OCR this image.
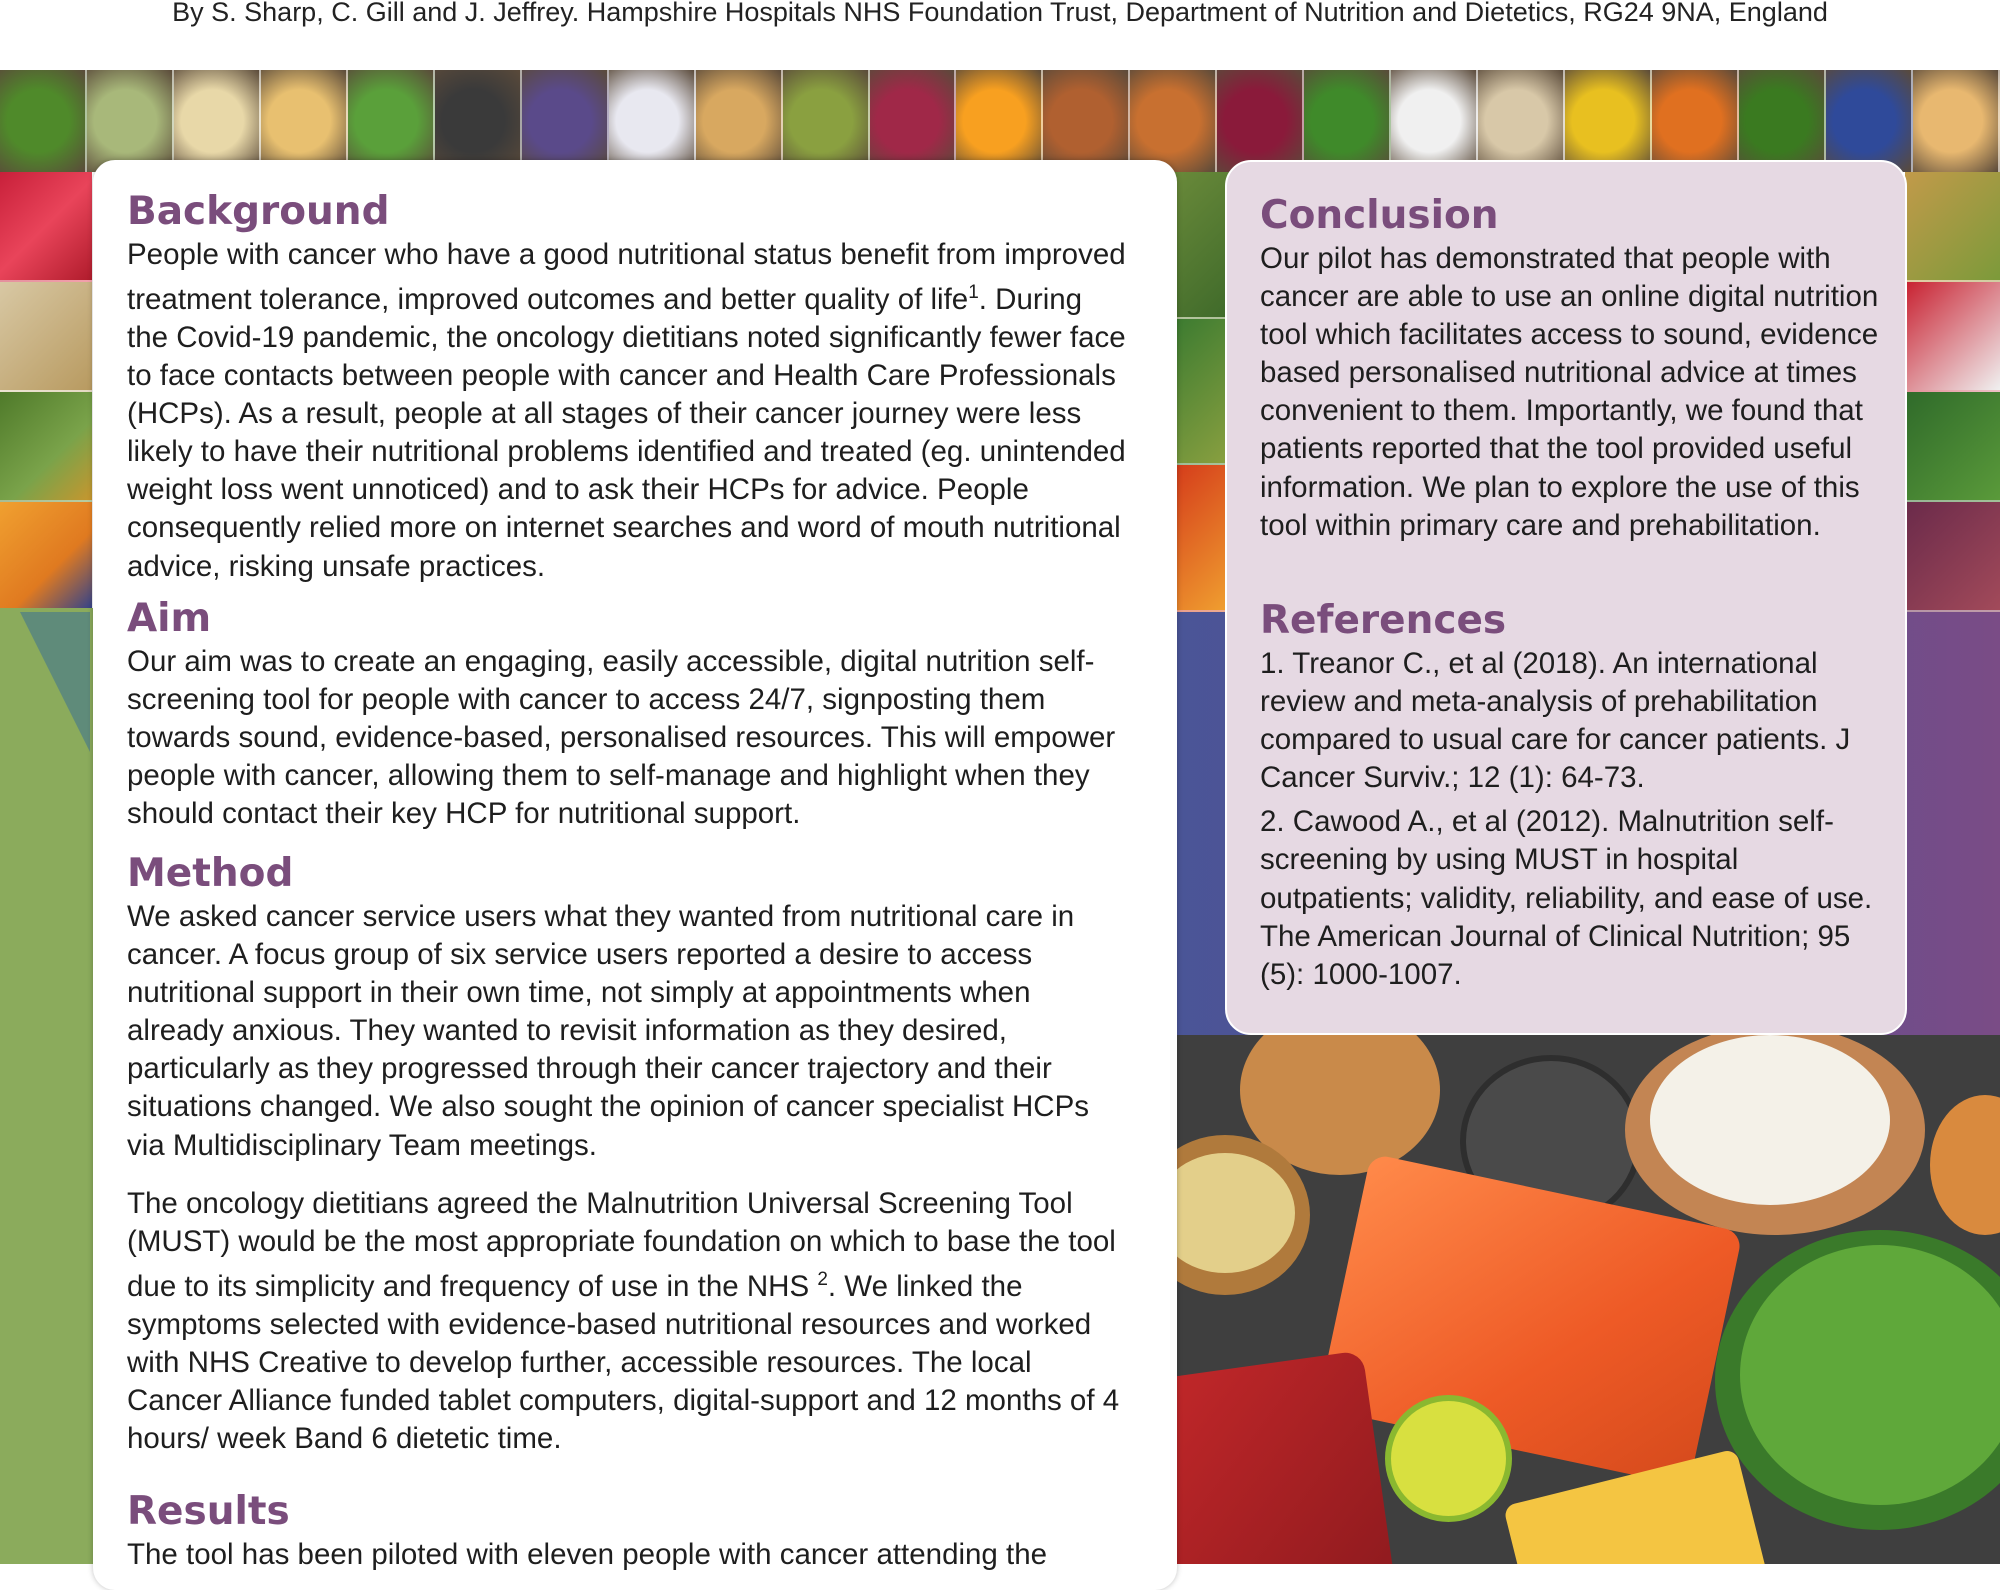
By S. Sharp, C. Gill and J. Jeffrey. Hampshire Hospitals NHS Foundation Trust, Department of Nutrition and Dietetics, RG24 9NA, England
Background

People with cancer who have a good nutritional status benefit from improved treatment tolerance, improved outcomes and better quality of life$^1$. During the Covid-19 pandemic, the oncology dietitians noted significantly fewer face to face contacts between people with cancer and Health Care Professionals (HCPs). As a result, people at all stages of their cancer journey were less likely to have their nutritional problems identified and treated (eg. unintended weight loss went unnoticed) and to ask their HCPs for advice. People consequently relied more on internet searches and word of mouth nutritional advice, risking unsafe practices.

Aim

Our aim was to create an engaging, easily accessible, digital nutrition self-screening tool for people with cancer to access 24/7, signposting them towards sound, evidence-based, personalised resources. This will empower people with cancer, allowing them to self-manage and highlight when they should contact their key HCP for nutritional support.

Method

We asked cancer service users what they wanted from nutritional care in cancer. A focus group of six service users reported a desire to access nutritional support in their own time, not simply at appointments when already anxious. They wanted to revisit information as they desired, particularly as they progressed through their cancer trajectory and their situations changed. We also sought the opinion of cancer specialist HCPs via Multidisciplinary Team meetings.

The oncology dietitians agreed the Malnutrition Universal Screening Tool (MUST) would be the most appropriate foundation on which to base the tool due to its simplicity and frequency of use in the NHS $^2$. We linked the symptoms selected with evidence-based nutritional resources and worked with NHS Creative to develop further, accessible resources. The local Cancer Alliance funded tablet computers, digital-support and 12 months of 4 hours/ week Band 6 dietetic time.

Results

The tool has been piloted with eleven people with cancer attending the

Conclusion

Our pilot has demonstrated that people with cancer are able to use an online digital nutrition tool which facilitates access to sound, evidence based personalised nutritional advice at times convenient to them. Importantly, we found that patients reported that the tool provided useful information. We plan to explore the use of this tool within primary care and prehabilitation.

References

1. Treanor C., et al (2018). An international review and meta-analysis of prehabilitation compared to usual care for cancer patients. J Cancer Surviv.; 12 (1): 64-73.

2. Cawood A., et al (2012). Malnutrition self-screening by using MUST in hospital outpatients; validity, reliability, and ease of use. The American Journal of Clinical Nutrition; 95 (5): 1000-1007.
